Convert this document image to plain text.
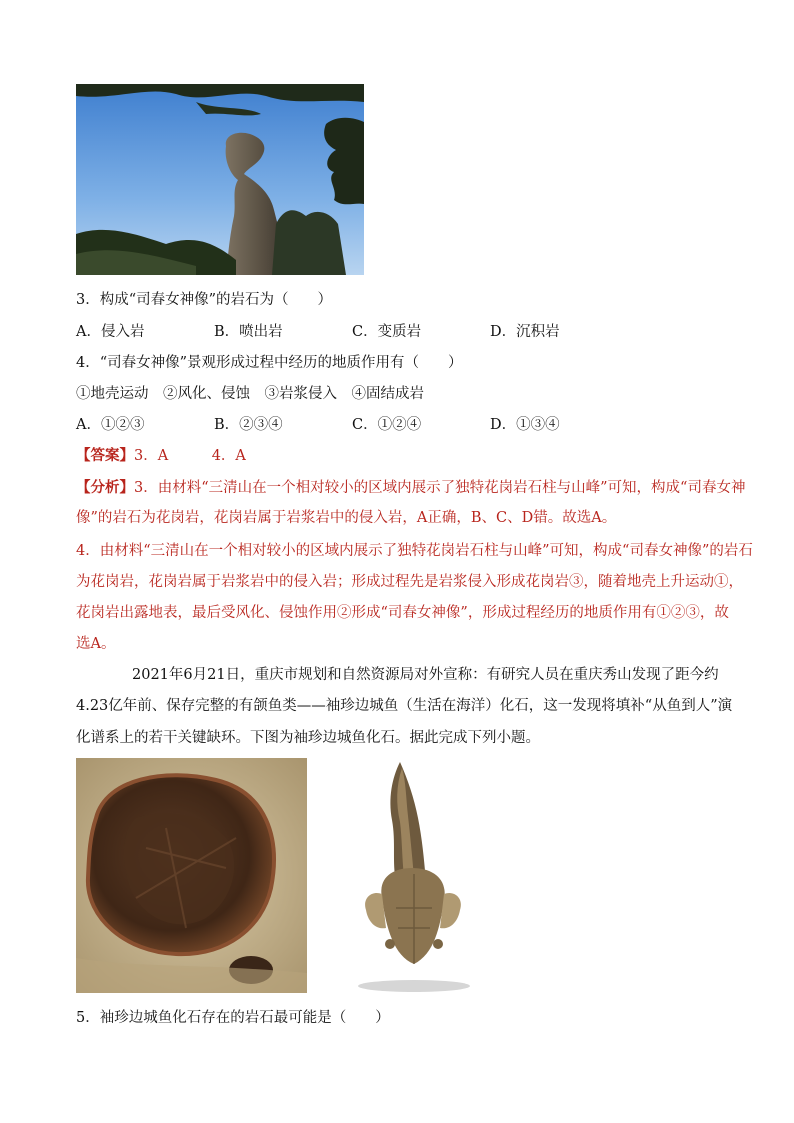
3．构成“司春女神像”的岩石为（　　）
A．侵入岩	B．喷出岩	C．变质岩	D．沉积岩
4．“司春女神像”景观形成过程中经历的地质作用有（　　）
①地壳运动　②风化、侵蚀　③岩浆侵入　④固结成岩
A．①②③	B．②③④	C．①②④	D．①③④
【答案】3．A　　　4．A
【分析】3．由材料“三清山在一个相对较小的区域内展示了独特花岗岩石柱与山峰”可知，构成“司春女神
像”的岩石为花岗岩，花岗岩属于岩浆岩中的侵入岩，A正确，B、C、D错。故选A。
4．由材料“三清山在一个相对较小的区域内展示了独特花岗岩石柱与山峰”可知，构成“司春女神像”的岩石
为花岗岩，花岗岩属于岩浆岩中的侵入岩；形成过程先是岩浆侵入形成花岗岩③，随着地壳上升运动①，
花岗岩出露地表，最后受风化、侵蚀作用②形成“司春女神像”，形成过程经历的地质作用有①②③，故
选A。
2021年6月21日，重庆市规划和自然资源局对外宣称：有研究人员在重庆秀山发现了距今约
4.23亿年前、保存完整的有颌鱼类——袖珍边城鱼（生活在海洋）化石，这一发现将填补“从鱼到人”演
化谱系上的若干关键缺环。下图为袖珍边城鱼化石。据此完成下列小题。
5．袖珍边城鱼化石存在的岩石最可能是（　　）
